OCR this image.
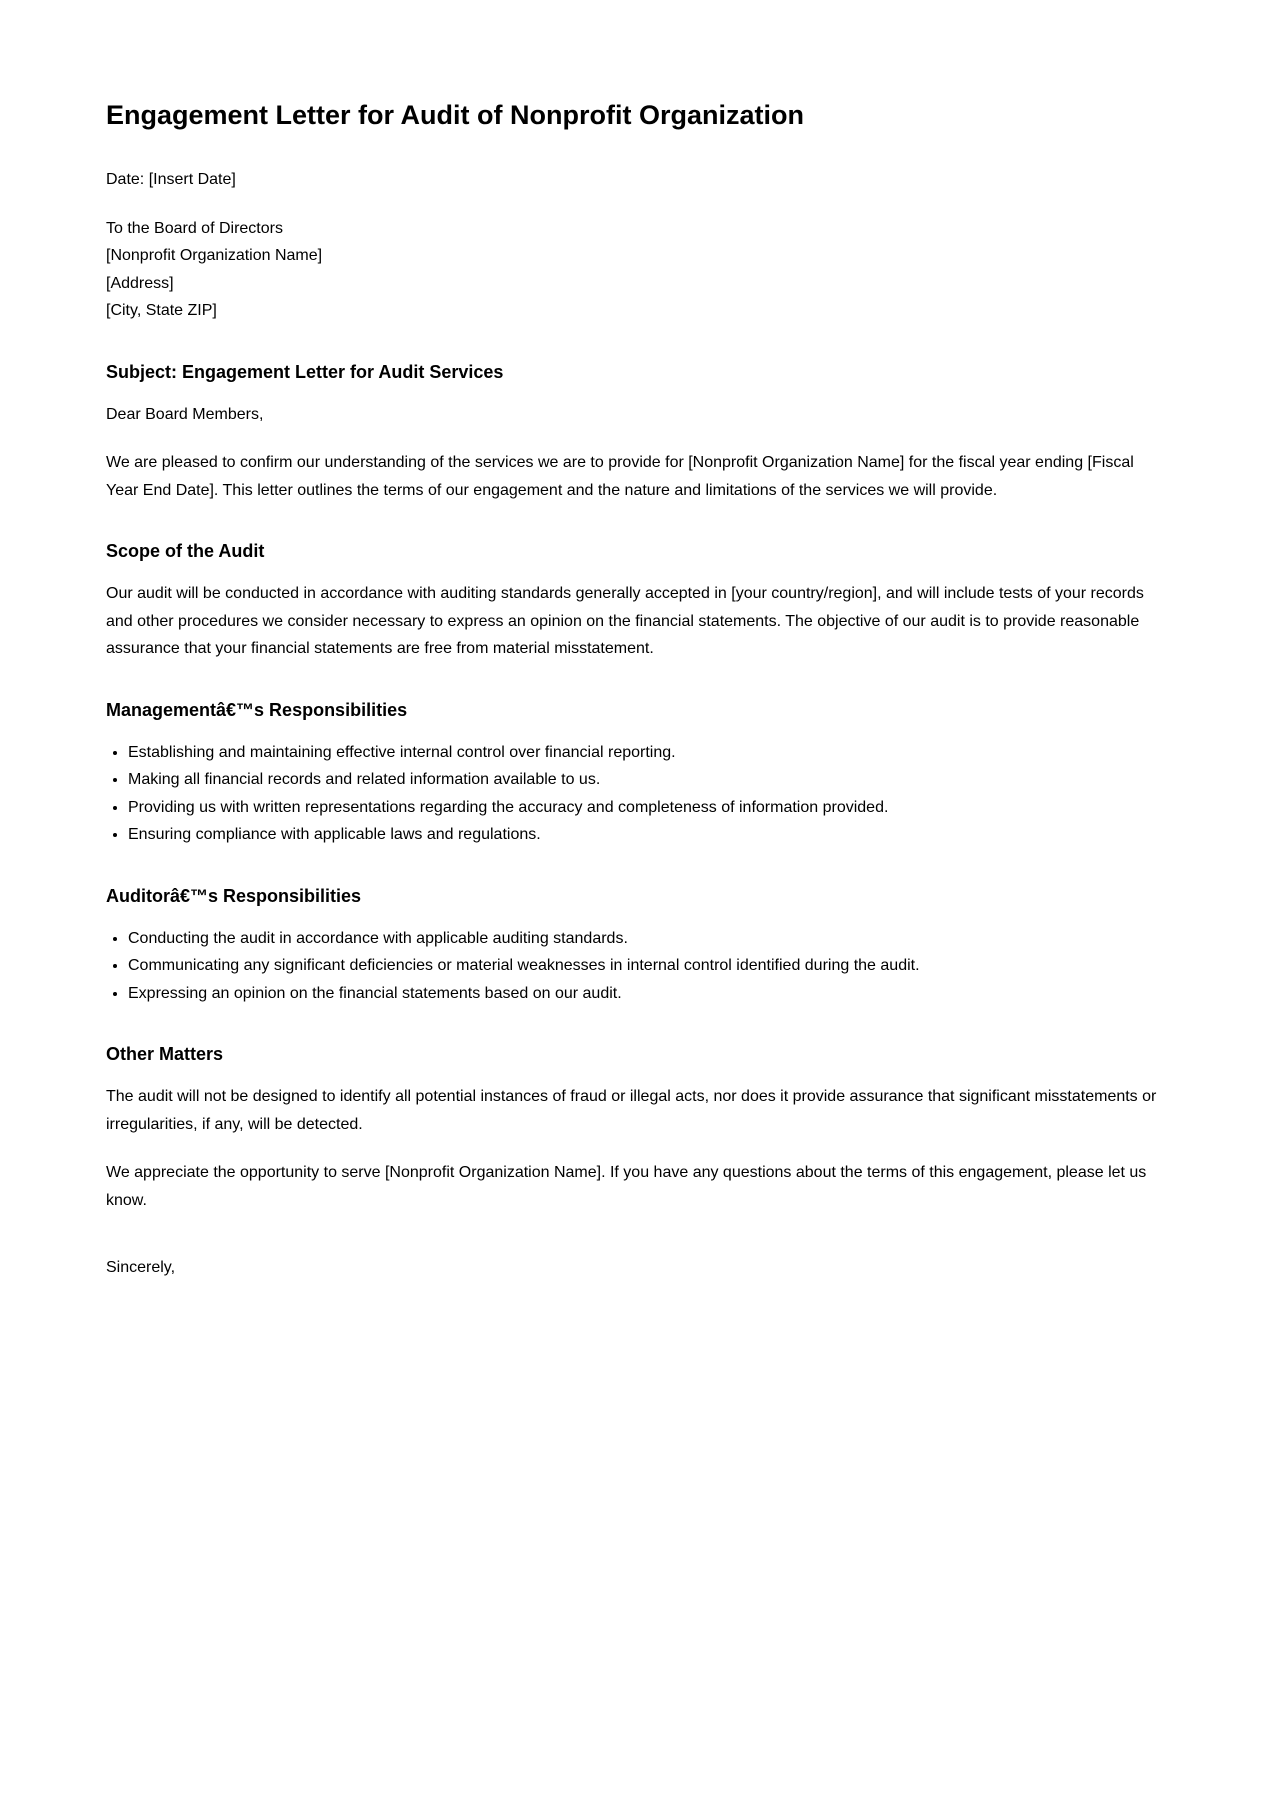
Engagement Letter for Audit of Nonprofit Organization

Date: [Insert Date]

To the Board of Directors
[Nonprofit Organization Name]
[Address]
[City, State ZIP]
Subject: Engagement Letter for Audit Services

Dear Board Members,

We are pleased to confirm our understanding of the services we are to provide for [Nonprofit Organization Name] for the fiscal year ending [Fiscal Year End Date]. This letter outlines the terms of our engagement and the nature and limitations of the services we will provide.

Scope of the Audit

Our audit will be conducted in accordance with auditing standards generally accepted in [your country/region], and will include tests of your records and other procedures we consider necessary to express an opinion on the financial statements. The objective of our audit is to provide reasonable assurance that your financial statements are free from material misstatement.

Managementâ€™s Responsibilities
• Establishing and maintaining effective internal control over financial reporting.
• Making all financial records and related information available to us.
• Providing us with written representations regarding the accuracy and completeness of information provided.
• Ensuring compliance with applicable laws and regulations.
Auditorâ€™s Responsibilities
• Conducting the audit in accordance with applicable auditing standards.
• Communicating any significant deficiencies or material weaknesses in internal control identified during the audit.
• Expressing an opinion on the financial statements based on our audit.
Other Matters

The audit will not be designed to identify all potential instances of fraud or illegal acts, nor does it provide assurance that significant misstatements or irregularities, if any, will be detected.

We appreciate the opportunity to serve [Nonprofit Organization Name]. If you have any questions about the terms of this engagement, please let us know.

Sincerely,
